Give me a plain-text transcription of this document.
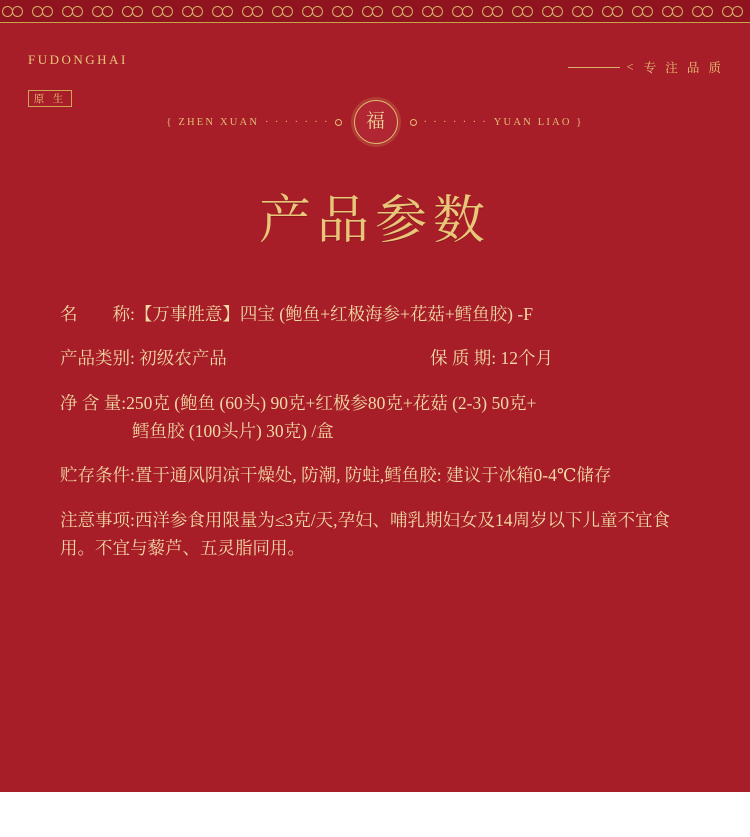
FUDONGHAI
原 生
< 专 注 品 质
{ ZHEN XUAN · · · · · · ·	福	· · · · · · · YUAN LIAO }
产品参数
名　　称:【万事胜意】四宝 (鲍鱼+红极海参+花菇+鳕鱼胶) -F
产品类别: 初级农产品	保 质 期: 12个月
净 含 量:250克 (鲍鱼 (60头) 90克+红极参80克+花菇 (2-3) 50克+
鳕鱼胶 (100头片) 30克) /盒
贮存条件:置于通风阴凉干燥处, 防潮, 防蛀,鳕鱼胶: 建议于冰箱0-4℃储存
注意事项:西洋参食用限量为≤3克/天,孕妇、哺乳期妇女及14周岁以下儿童不宜食用。不宜与藜芦、五灵脂同用。
